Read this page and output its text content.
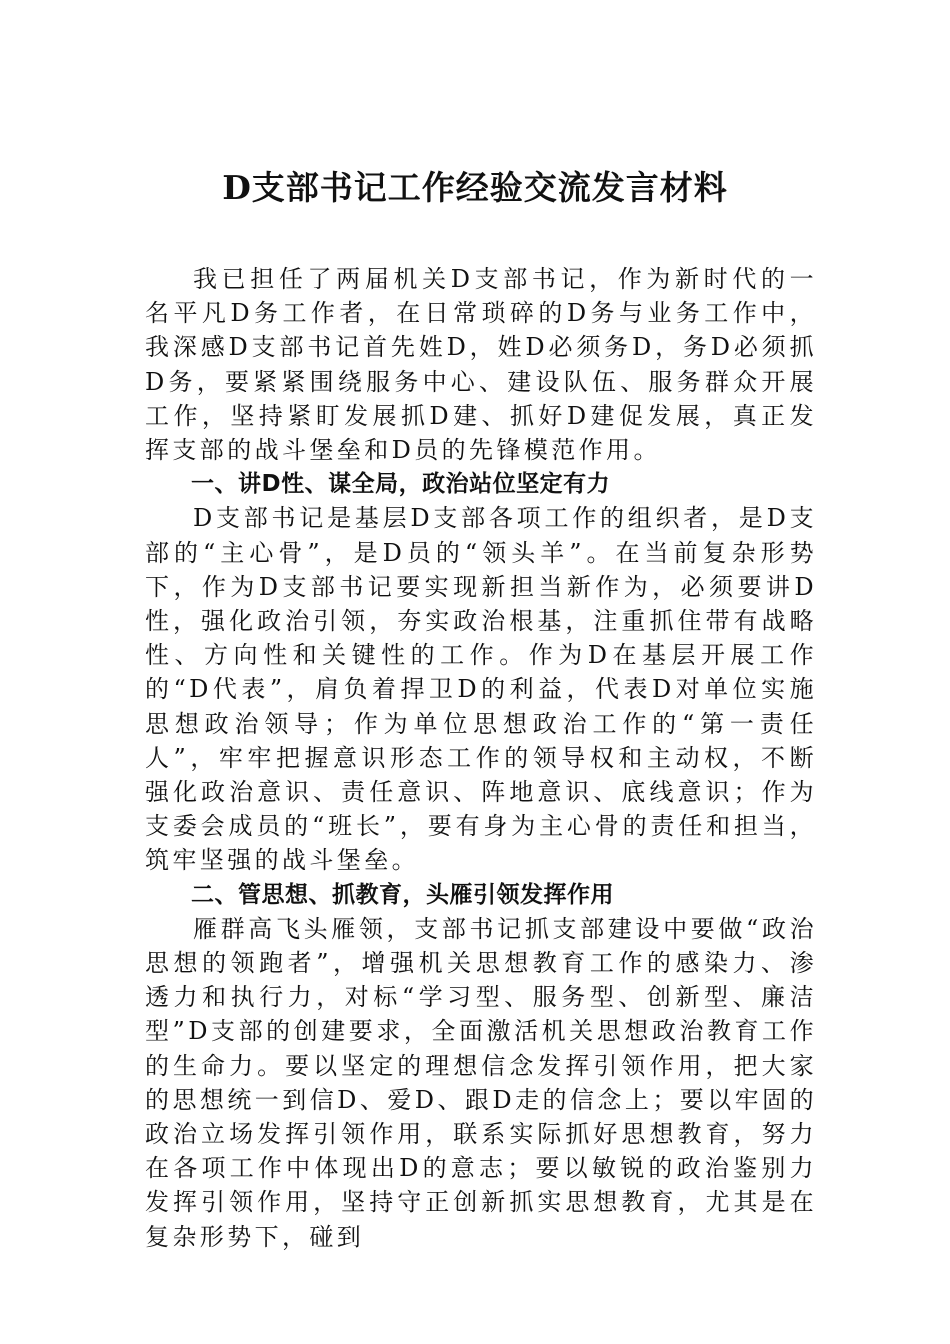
D支部书记工作经验交流发言材料

我已担任了两届机关D支部书记，作为新时代的一名平凡D务工作者，在日常琐碎的D务与业务工作中，我深感D支部书记首先姓D，姓D必须务D，务D必须抓D务，要紧紧围绕服务中心、建设队伍、服务群众开展工作，坚持紧盯发展抓D建、抓好D建促发展，真正发挥支部的战斗堡垒和D员的先锋模范作用。

一、讲D性、谋全局，政治站位坚定有力

D支部书记是基层D支部各项工作的组织者，是D支部的“主心骨”，是D员的“领头羊”。在当前复杂形势下，作为D支部书记要实现新担当新作为，必须要讲D性，强化政治引领，夯实政治根基，注重抓住带有战略性、方向性和关键性的工作。作为D在基层开展工作的“D代表”，肩负着捍卫D的利益，代表D对单位实施思想政治领导；作为单位思想政治工作的“第一责任人”，牢牢把握意识形态工作的领导权和主动权，不断强化政治意识、责任意识、阵地意识、底线意识；作为支委会成员的“班长”，要有身为主心骨的责任和担当，筑牢坚强的战斗堡垒。

二、管思想、抓教育，头雁引领发挥作用

雁群高飞头雁领，支部书记抓支部建设中要做“政治思想的领跑者”，增强机关思想教育工作的感染力、渗透力和执行力，对标“学习型、服务型、创新型、廉洁型”D支部的创建要求，全面激活机关思想政治教育工作的生命力。要以坚定的理想信念发挥引领作用，把大家的思想统一到信D、爱D、跟D走的信念上；要以牢固的政治立场发挥引领作用，联系实际抓好思想教育，努力在各项工作中体现出D的意志；要以敏锐的政治鉴别力发挥引领作用，坚持守正创新抓实思想教育，尤其是在复杂形势下，碰到
